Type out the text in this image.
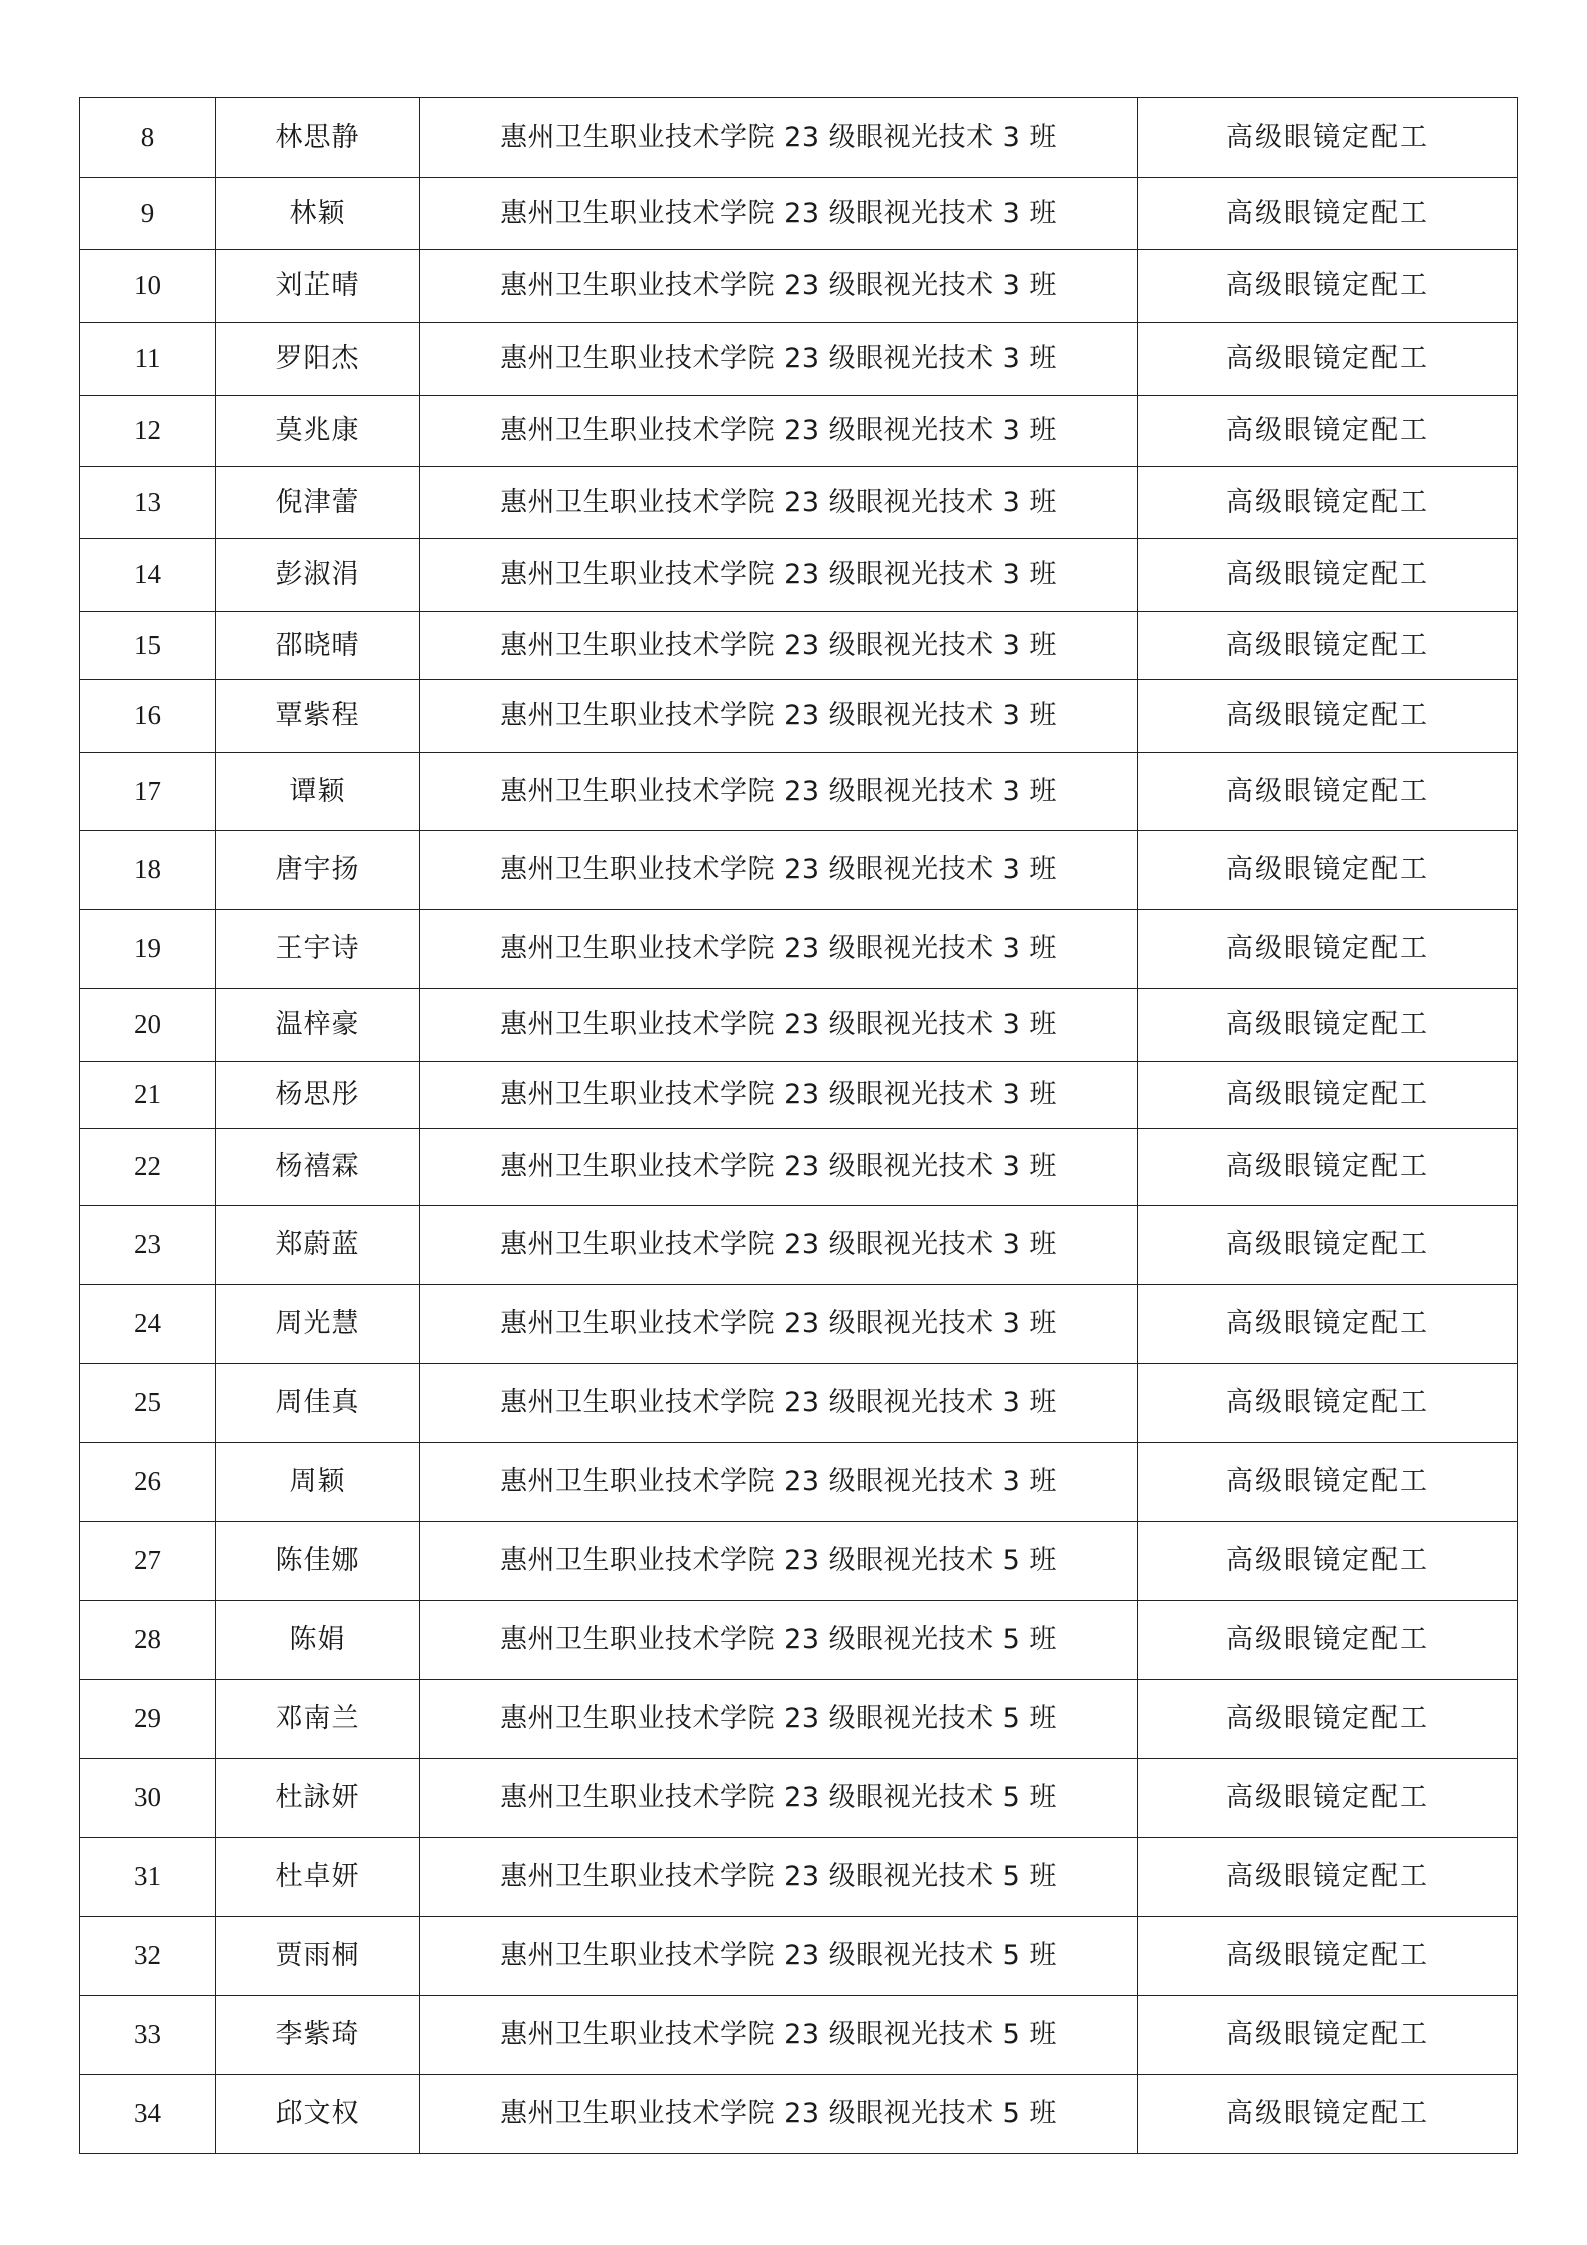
8	林思静	惠州卫生职业技术学院 23 级眼视光技术 3 班	高级眼镜定配工
9	林颖	惠州卫生职业技术学院 23 级眼视光技术 3 班	高级眼镜定配工
10	刘芷晴	惠州卫生职业技术学院 23 级眼视光技术 3 班	高级眼镜定配工
11	罗阳杰	惠州卫生职业技术学院 23 级眼视光技术 3 班	高级眼镜定配工
12	莫兆康	惠州卫生职业技术学院 23 级眼视光技术 3 班	高级眼镜定配工
13	倪津蕾	惠州卫生职业技术学院 23 级眼视光技术 3 班	高级眼镜定配工
14	彭淑涓	惠州卫生职业技术学院 23 级眼视光技术 3 班	高级眼镜定配工
15	邵晓晴	惠州卫生职业技术学院 23 级眼视光技术 3 班	高级眼镜定配工
16	覃紫程	惠州卫生职业技术学院 23 级眼视光技术 3 班	高级眼镜定配工
17	谭颖	惠州卫生职业技术学院 23 级眼视光技术 3 班	高级眼镜定配工
18	唐宇扬	惠州卫生职业技术学院 23 级眼视光技术 3 班	高级眼镜定配工
19	王宇诗	惠州卫生职业技术学院 23 级眼视光技术 3 班	高级眼镜定配工
20	温梓豪	惠州卫生职业技术学院 23 级眼视光技术 3 班	高级眼镜定配工
21	杨思彤	惠州卫生职业技术学院 23 级眼视光技术 3 班	高级眼镜定配工
22	杨禧霖	惠州卫生职业技术学院 23 级眼视光技术 3 班	高级眼镜定配工
23	郑蔚蓝	惠州卫生职业技术学院 23 级眼视光技术 3 班	高级眼镜定配工
24	周光慧	惠州卫生职业技术学院 23 级眼视光技术 3 班	高级眼镜定配工
25	周佳真	惠州卫生职业技术学院 23 级眼视光技术 3 班	高级眼镜定配工
26	周颖	惠州卫生职业技术学院 23 级眼视光技术 3 班	高级眼镜定配工
27	陈佳娜	惠州卫生职业技术学院 23 级眼视光技术 5 班	高级眼镜定配工
28	陈娟	惠州卫生职业技术学院 23 级眼视光技术 5 班	高级眼镜定配工
29	邓南兰	惠州卫生职业技术学院 23 级眼视光技术 5 班	高级眼镜定配工
30	杜詠妍	惠州卫生职业技术学院 23 级眼视光技术 5 班	高级眼镜定配工
31	杜卓妍	惠州卫生职业技术学院 23 级眼视光技术 5 班	高级眼镜定配工
32	贾雨桐	惠州卫生职业技术学院 23 级眼视光技术 5 班	高级眼镜定配工
33	李紫琦	惠州卫生职业技术学院 23 级眼视光技术 5 班	高级眼镜定配工
34	邱文权	惠州卫生职业技术学院 23 级眼视光技术 5 班	高级眼镜定配工
